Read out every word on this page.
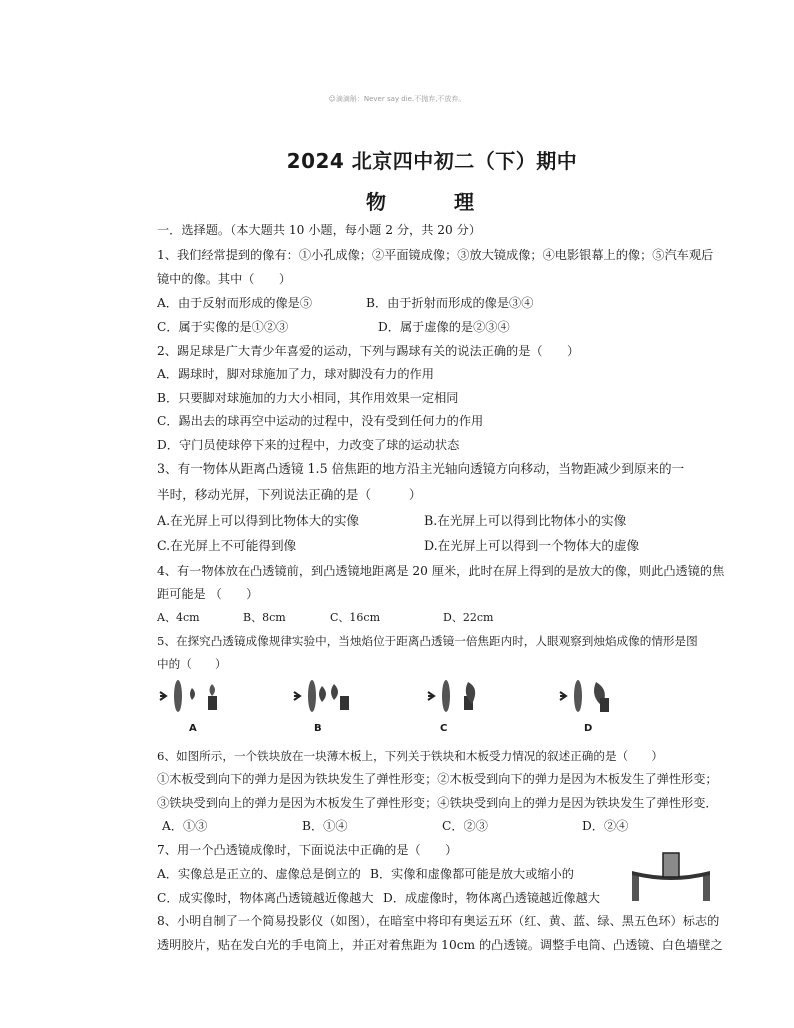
☺滴滴斛：Never say die.不抛弃,不放弃。
2024 北京四中初二（下）期中
物　理
一．选择题。（本大题共 10 小题，每小题 2 分，共 20 分）
1、我们经常提到的像有：①小孔成像；②平面镜成像；③放大镜成像；④电影银幕上的像；⑤汽车观后
镜中的像。其中（　　）
A．由于反射而形成的像是⑤	B．由于折射而形成的像是③④
C．属于实像的是①②③	D．属于虚像的是②③④
2、踢足球是广大青少年喜爱的运动，下列与踢球有关的说法正确的是（　　）
A．踢球时，脚对球施加了力，球对脚没有力的作用
B．只要脚对球施加的力大小相同，其作用效果一定相同
C．踢出去的球再空中运动的过程中，没有受到任何力的作用
D．守门员使球停下来的过程中，力改变了球的运动状态
3、有一物体从距离凸透镜 1.5 倍焦距的地方沿主光轴向透镜方向移动，当物距减少到原来的一
半时，移动光屏，下列说法正确的是（　　　）
A.在光屏上可以得到比物体大的实像	B.在光屏上可以得到比物体小的实像
C.在光屏上不可能得到像	D.在光屏上可以得到一个物体大的虚像
4、有一物体放在凸透镜前，到凸透镜地距离是 20 厘米，此时在屏上得到的是放大的像，则此凸透镜的焦
距可能是 （　　）
A、4cm	B、8cm	C、16cm	D、22cm
5、在探究凸透镜成像规律实验中，当烛焰位于距离凸透镜一倍焦距内时，人眼观察到烛焰成像的情形是图
中的（　　）
A	B	C	D
6、如图所示，一个铁块放在一块薄木板上，下列关于铁块和木板受力情况的叙述正确的是（　　）
①木板受到向下的弹力是因为铁块发生了弹性形变；②木板受到向下的弹力是因为木板发生了弹性形变；
③铁块受到向上的弹力是因为木板发生了弹性形变；④铁块受到向上的弹力是因为铁块发生了弹性形变．
A．①③	B．①④	C．②③	D．②④
7、用一个凸透镜成像时，下面说法中正确的是（　　）
A．实像总是正立的、虚像总是倒立的 B．实像和虚像都可能是放大或缩小的
C．成实像时，物体离凸透镜越近像越大 D．成虚像时，物体离凸透镜越近像越大
8、小明自制了一个简易投影仪（如图），在暗室中将印有奥运五环（红、黄、蓝、绿、黑五色环）标志的
透明胶片，贴在发白光的手电筒上，并正对着焦距为 10cm 的凸透镜。调整手电筒、凸透镜、白色墙壁之
